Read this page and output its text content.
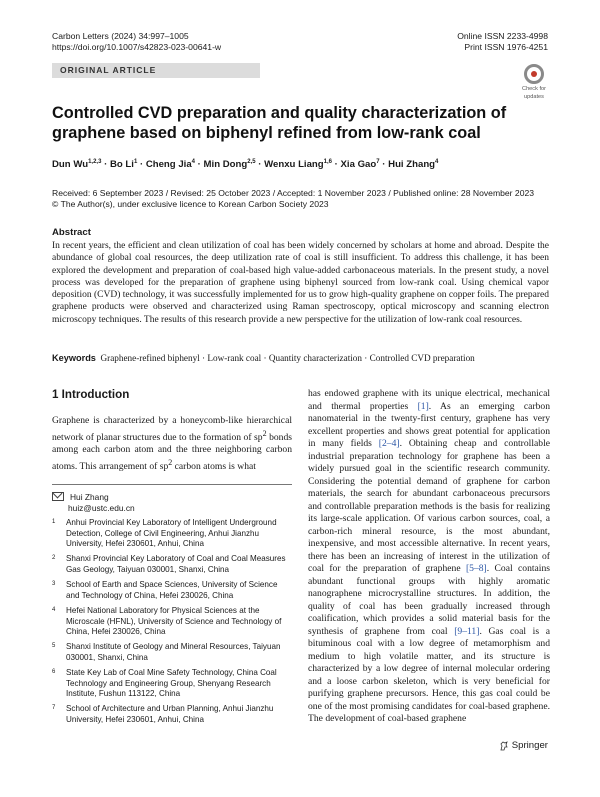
Carbon Letters (2024) 34:997–1005
https://doi.org/10.1007/s42823-023-00641-w
Online ISSN 2233-4998
Print ISSN 1976-4251
ORIGINAL ARTICLE
Check for
updates
Controlled CVD preparation and quality characterization of graphene based on biphenyl refined from low-rank coal
Dun Wu$^{1,2,3}$ · Bo $Li^1$ · Cheng Jia$^4$ · Min Dong$^{2,5}$ · Wenxu Liang$^{1,6}$ · Xia Gao$^7$ · Hui Zhang$^4$
Received: 6 September 2023 / Revised: 25 October 2023 / Accepted: 1 November 2023 / Published online: 28 November 2023
© The Author(s), under exclusive licence to Korean Carbon Society 2023
Abstract
In recent years, the efficient and clean utilization of coal has been widely concerned by scholars at home and abroad. Despite the abundance of global coal resources, the deep utilization rate of coal is still insufficient. To address this challenge, it has been explored the development and preparation of coal-based high value-added carbonaceous materials. In the present study, a novel process was developed for the preparation of graphene using biphenyl sourced from low-rank coal. Using chemical vapor deposition (CVD) technology, it was successfully implemented for us to grow high-quality graphene on copper foils. The prepared graphene products were observed and characterized using Raman spectroscopy, optical microscopy and scanning electron microscopy techniques. The results of this research provide a new perspective for the utilization of low-rank coal resources.
Keywords Graphene-refined biphenyl · Low-rank coal · Quantity characterization · Controlled CVD preparation
1 Introduction
Graphene is characterized by a honeycomb-like hierarchical network of planar structures due to the formation of $sp^2$ bonds among each carbon atom and the three neighboring carbon atoms. This arrangement of $sp^2$ carbon atoms is what
has endowed graphene with its unique electrical, mechanical and thermal properties [1]. As an emerging carbon nanomaterial in the twenty-first century, graphene has very excellent properties and shows great potential for application in many fields [2–4]. Obtaining cheap and controllable industrial preparation technology for graphene has been a widely pursued goal in the scientific research community. Considering the potential demand of graphene for carbon materials, the search for abundant carbonaceous precursors and controllable preparation methods is the basis for realizing its large-scale application. Of various carbon sources, coal, a carbon-rich mineral resource, is the most abundant, inexpensive, and most accessible alternative. In recent years, there has been an increasing of interest in the utilization of coal for the preparation of graphene [5–8]. Coal contains abundant functional groups with highly aromatic nanographene microcrystalline structures. In addition, the quality of coal has been gradually increased through coalification, which provides a solid material basis for the synthesis of graphene from coal [9–11]. Gas coal is a bituminous coal with a low degree of metamorphism and medium to high volatile matter, and its structure is characterized by a low degree of internal molecular ordering and a loose carbon skeleton, which is very beneficial for purifying graphene precursors. Hence, this gas coal could be one of the most promising candidates for coal-based graphene. The development of coal-based graphene
Hui Zhang
huiz@ustc.edu.cn
1	Anhui Provincial Key Laboratory of Intelligent Underground Detection, College of Civil Engineering, Anhui Jianzhu University, Hefei 230601, Anhui, China
2	Shanxi Provincial Key Laboratory of Coal and Coal Measures Gas Geology, Taiyuan 030001, Shanxi, China
3	School of Earth and Space Sciences, University of Science and Technology of China, Hefei 230026, China
4	Hefei National Laboratory for Physical Sciences at the Microscale (HFNL), University of Science and Technology of China, Hefei 230026, China
5	Shanxi Institute of Geology and Mineral Resources, Taiyuan 030001, Shanxi, China
6	State Key Lab of Coal Mine Safety Technology, China Coal Technology and Engineering Group, Shenyang Research Institute, Fushun 113122, China
7	School of Architecture and Urban Planning, Anhui Jianzhu University, Hefei 230601, Anhui, China
Springer
